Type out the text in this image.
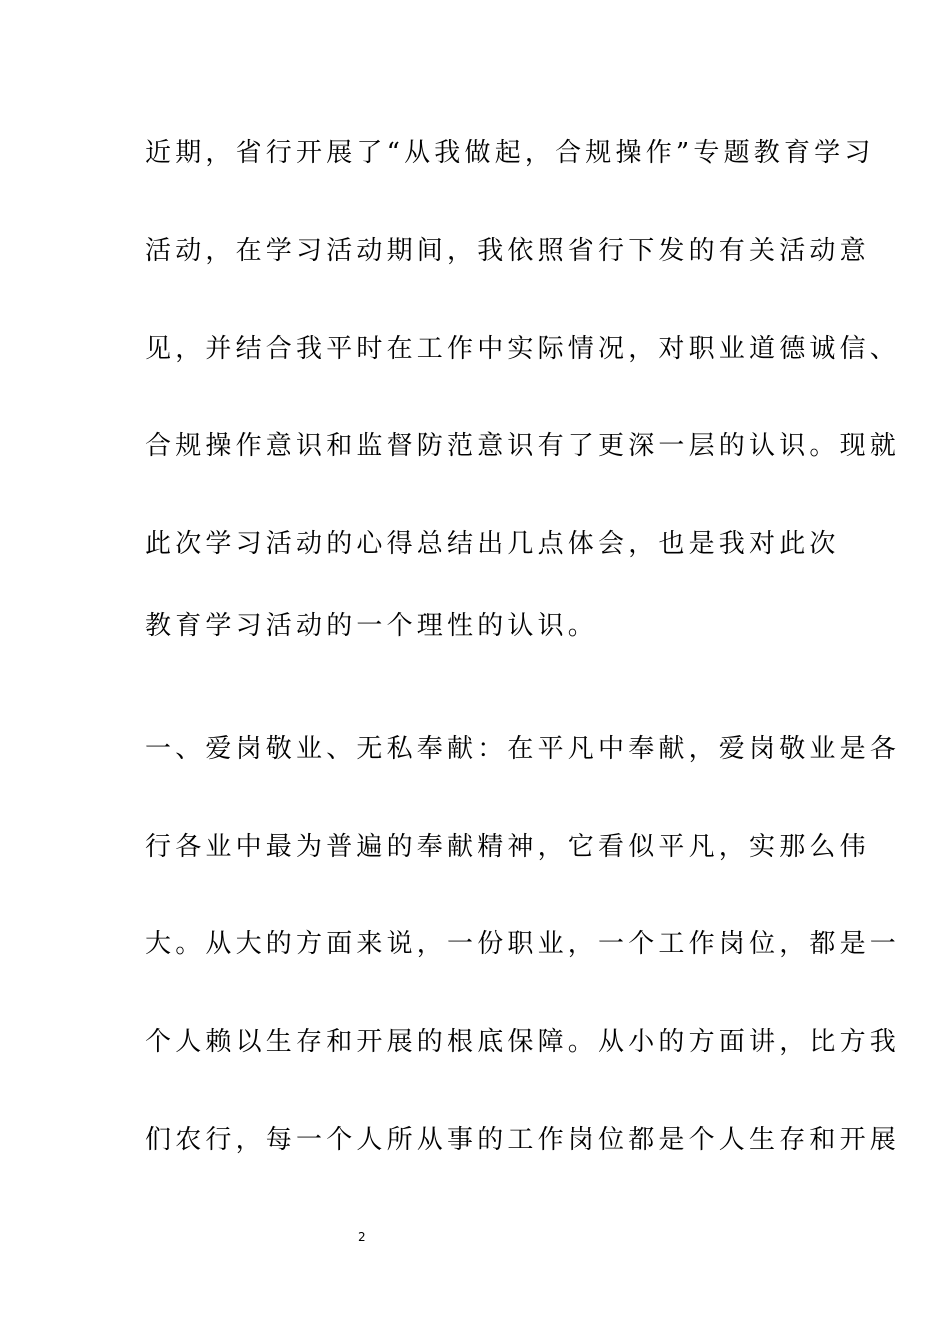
近期，省行开展了“从我做起，合规操作”专题教育学习
活动，在学习活动期间，我依照省行下发的有关活动意
见，并结合我平时在工作中实际情况，对职业道德诚信、
合规操作意识和监督防范意识有了更深一层的认识。现就
此次学习活动的心得总结出几点体会，也是我对此次
教育学习活动的一个理性的认识。
一、爱岗敬业、无私奉献：在平凡中奉献，爱岗敬业是各
行各业中最为普遍的奉献精神，它看似平凡，实那么伟
大。从大的方面来说，一份职业，一个工作岗位，都是一
个人赖以生存和开展的根底保障。从小的方面讲，比方我
们农行，每一个人所从事的工作岗位都是个人生存和开展
2
